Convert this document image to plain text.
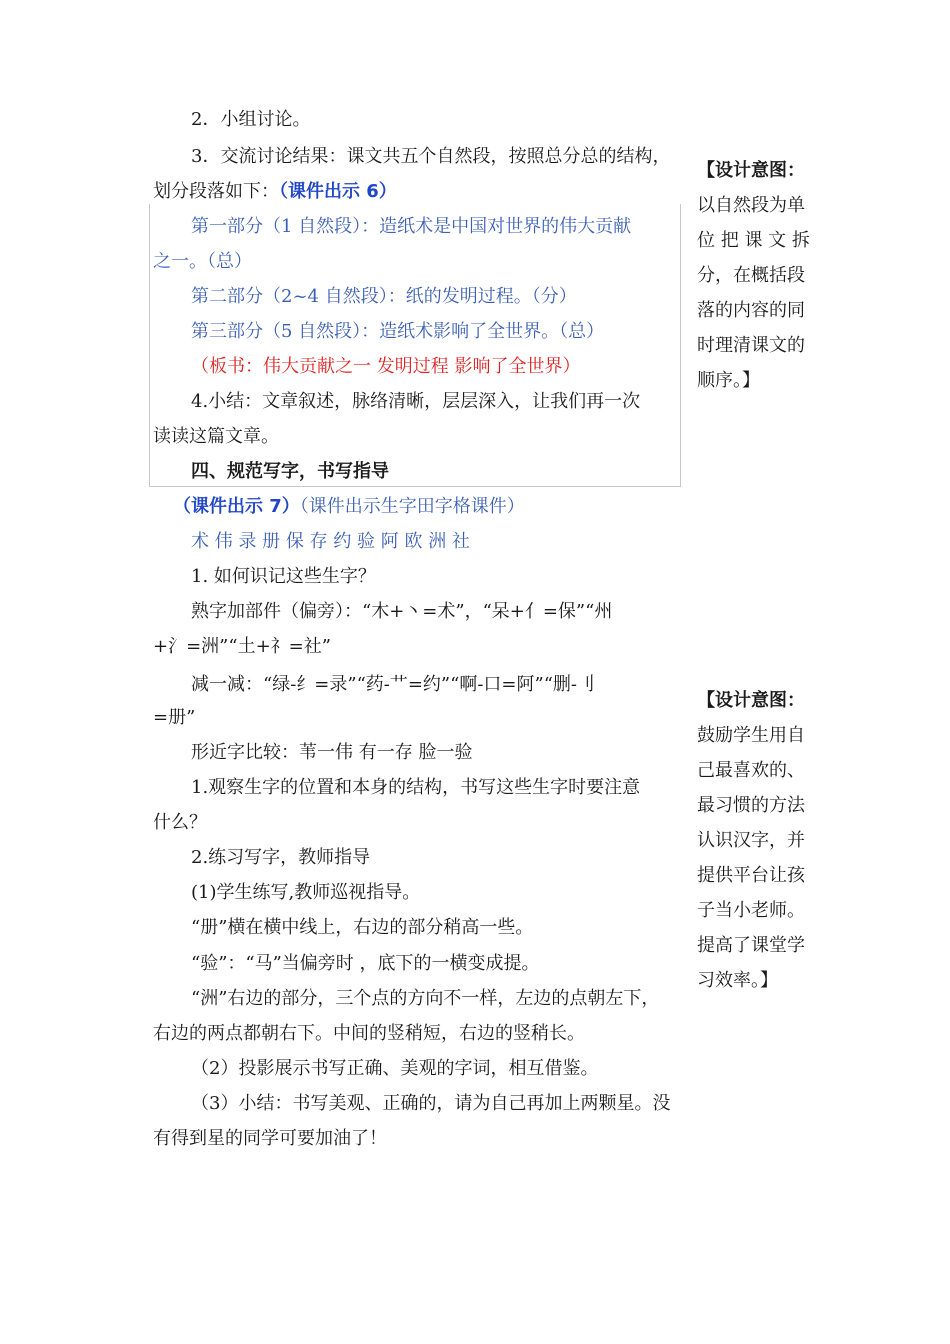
2．小组讨论。
3．交流讨论结果：课文共五个自然段，按照总分总的结构，
划分段落如下：（课件出示 6）
第一部分（1 自然段）：造纸术是中国对世界的伟大贡献
之一。（总）
第二部分（2~4 自然段）：纸的发明过程。（分）
第三部分（5 自然段）：造纸术影响了全世界。（总）
（板书：伟大贡献之一 发明过程 影响了全世界）
4.小结：文章叙述，脉络清晰，层层深入，让我们再一次
读读这篇文章。
四、规范写字，书写指导
（课件出示 7）（课件出示生字田字格课件）
术 伟 录 册 保 存 约 验 阿 欧 洲 社
1. 如何识记这些生字？
熟字加部件（偏旁）：“木+丶=术”，“呆+亻=保”“州
+氵=洲”“土+礻=社”
减一减：“绿-纟=录”“药-艹=约”“啊-口=阿”“删-刂
=册”
形近字比较：苇一伟 有一存 脸一验
1.观察生字的位置和本身的结构，书写这些生字时要注意
什么？
2.练习写字，教师指导
(1)学生练写,教师巡视指导。
“册”横在横中线上，右边的部分稍高一些。
“验”：“马”当偏旁时 ，底下的一横变成提。
“洲”右边的部分，三个点的方向不一样，左边的点朝左下，
右边的两点都朝右下。中间的竖稍短，右边的竖稍长。
（2）投影展示书写正确、美观的字词，相互借鉴。
（3）小结：书写美观、正确的，请为自己再加上两颗星。没
有得到星的同学可要加油了！
【设计意图：
以自然段为单
位 把 课 文 拆
分，在概括段
落的内容的同
时理清课文的
顺序。】
【设计意图：
鼓励学生用自
己最喜欢的、
最习惯的方法
认识汉字，并
提供平台让孩
子当小老师。
提高了课堂学
习效率。】
